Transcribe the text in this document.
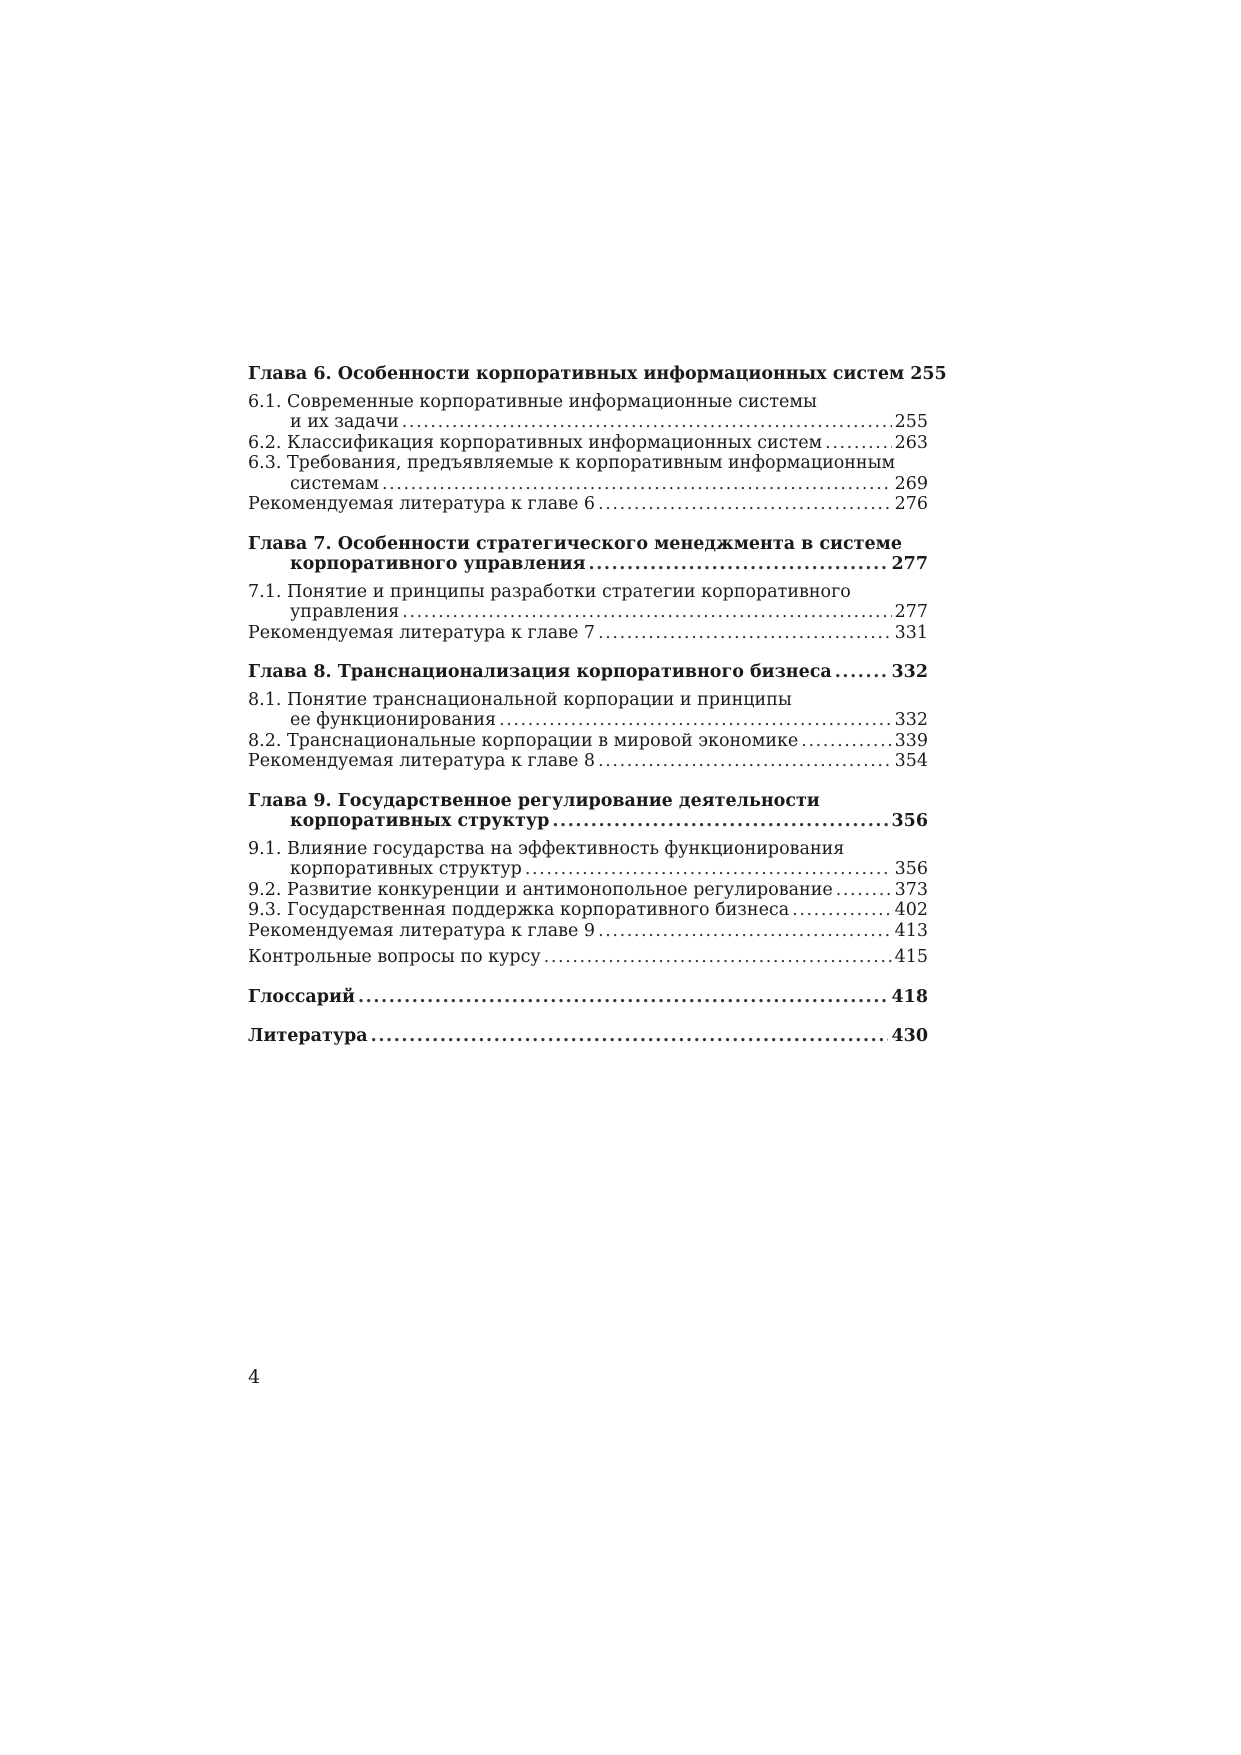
Глава 6. Особенности корпоративных информационных систем 255
6.1. Современные корпоративные информационные системы
и их задачи .....	255
6.2. Классификация корпоративных информационных систем .....	263
6.3. Требования, предъявляемые к корпоративным информационным
системам .....	269
Рекомендуемая литература к главе 6 .....	276
Глава 7. Особенности стратегического менеджмента в системе
корпоративного управления .....	277
7.1. Понятие и принципы разработки стратегии корпоративного
управления .....	277
Рекомендуемая литература к главе 7 .....	331
Глава 8. Транснационализация корпоративного бизнеса .....	332
8.1. Понятие транснациональной корпорации и принципы
ее функционирования .....	332
8.2. Транснациональные корпорации в мировой экономике .....	339
Рекомендуемая литература к главе 8 .....	354
Глава 9. Государственное регулирование деятельности
корпоративных структур .....	356
9.1. Влияние государства на эффективность функционирования
корпоративных структур .....	356
9.2. Развитие конкуренции и антимонопольное регулирование .....	373
9.3. Государственная поддержка корпоративного бизнеса .....	402
Рекомендуемая литература к главе 9 .....	413
Контрольные вопросы по курсу .....	415
Глоссарий .....	418
Литература .....	430
4
